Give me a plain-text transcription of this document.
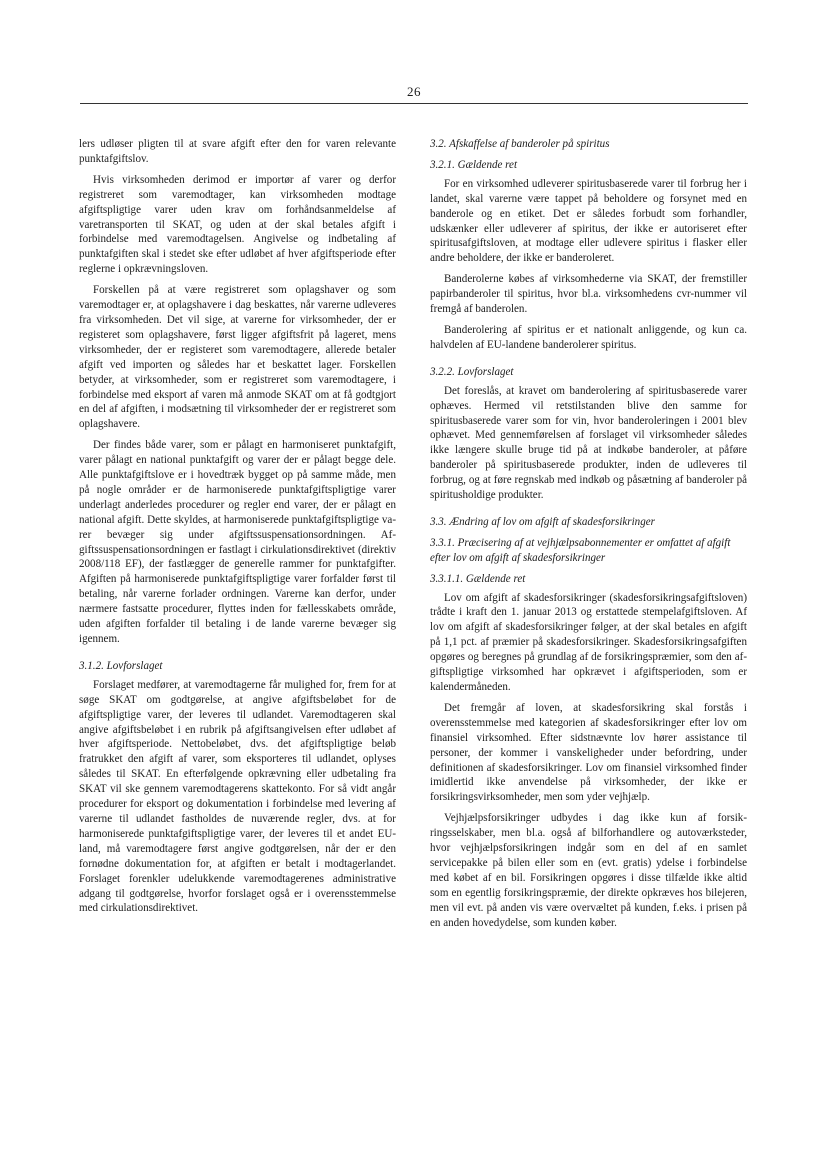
26

lers udløser pligten til at svare afgift efter den for varen relevante punktafgiftslov.

Hvis virksomheden derimod er importør af varer og derfor registreret som varemodtager, kan virksomheden modtage afgiftspligtige varer uden krav om forhåndsanmeldelse af varetransporten til SKAT, og uden at der skal betales afgift i forbindelse med varemodtagelsen. Angivelse og indbetaling af punktafgiften skal i stedet ske efter udløbet af hver afgiftsperiode efter reglerne i opkrævningsloven.

Forskellen på at være registreret som oplagshaver og som varemodtager er, at oplagshavere i dag beskattes, når varerne udleveres fra virksomheden. Det vil sige, at varerne for virksomheder, der er registeret som oplagshavere, først ligger afgiftsfrit på lageret, mens virksomheder, der er registeret som varemodtagere, allerede betaler afgift ved importen og således har et beskattet lager. Forskellen betyder, at virksomheder, som er registreret som varemodtagere, i forbindelse med eksport af varen må anmode SKAT om at få godtgjort en del af afgiften, i modsætning til virksomheder der er registreret som oplagshavere.

Der findes både varer, som er pålagt en harmoniseret punktafgift, varer pålagt en national punktafgift og varer der er pålagt begge dele. Alle punktafgiftslove er i hovedtræk bygget op på samme måde, men på nogle områder er de harmoniserede punktafgiftspligtige varer underlagt anderledes procedurer og regler end varer, der er pålagt en national afgift. Dette skyldes, at harmoniserede punktafgiftspligtige varer bevæger sig under afgiftssuspensationsordningen. Afgiftssuspensationsordningen er fastlagt i cirkulationsdirektivet (direktiv 2008/118 EF), der fastlægger de generelle rammer for punktafgifter. Afgiften på harmoniserede punktafgiftspligtige varer forfalder først til betaling, når varerne forlader ordningen. Varerne kan derfor, under nærmere fastsatte procedurer, flyttes inden for fællesskabets område, uden afgiften forfalder til betaling i de lande varerne bevæger sig igennem.

3.1.2. Lovforslaget

Forslaget medfører, at varemodtagerne får mulighed for, frem for at søge SKAT om godtgørelse, at angive afgiftsbeløbet for de afgiftspligtige varer, der leveres til udlandet. Varemodtageren skal angive afgiftsbeløbet i en rubrik på afgiftsangivelsen efter udløbet af hver afgiftsperiode. Nettobeløbet, dvs. det afgiftspligtige beløb fratrukket den afgift af varer, som eksporteres til udlandet, oplyses således til SKAT. En efterfølgende opkrævning eller udbetaling fra SKAT vil ske gennem varemodtagerens skattekonto. For så vidt angår procedurer for eksport og dokumentation i forbindelse med levering af varerne til udlandet fastholdes de nuværende regler, dvs. at for harmoniserede punktafgiftspligtige varer, der leveres til et andet EU-land, må varemodtagere først angive godtgørelsen, når der er den fornødne dokumentation for, at afgiften er betalt i modtagerlandet. Forslaget forenkler udelukkende varemodtagerenes administrative adgang til godtgørelse, hvorfor forslaget også er i overensstemmelse med cirkulationsdirektivet.

3.2. Afskaffelse af banderoler på spiritus
3.2.1. Gældende ret

For en virksomhed udleverer spiritusbaserede varer til forbrug her i landet, skal varerne være tappet på beholdere og forsynet med en banderole og en etiket. Det er således forbudt som forhandler, udskænker eller udleverer af spiritus, der ikke er autoriseret efter spiritusafgiftsloven, at modtage eller udlevere spiritus i flasker eller andre beholdere, der ikke er banderoleret.

Banderolerne købes af virksomhederne via SKAT, der fremstiller papirbanderoler til spiritus, hvor bl.a. virksomhedens cvr-nummer vil fremgå af banderolen.

Banderolering af spiritus er et nationalt anliggende, og kun ca. halvdelen af EU-landene banderolerer spiritus.

3.2.2. Lovforslaget

Det foreslås, at kravet om banderolering af spiritusbaserede varer ophæves. Hermed vil retstilstanden blive den samme for spiritusbaserede varer som for vin, hvor banderoleringen i 2001 blev ophævet. Med gennemførelsen af forslaget vil virksomheder således ikke længere skulle bruge tid på at indkøbe banderoler, at påføre banderoler på spiritusbaserede produkter, inden de udleveres til forbrug, og at føre regnskab med indkøb og påsætning af banderoler på spiritusholdige produkter.

3.3. Ændring af lov om afgift af skadesforsikringer
3.3.1. Præcisering af at vejhjælpsabonnementer er omfattet af afgift efter lov om afgift af skadesforsikringer
3.3.1.1. Gældende ret

Lov om afgift af skadesforsikringer (skadesforsikringsafgiftsloven) trådte i kraft den 1. januar 2013 og erstattede stempelafgiftsloven. Af lov om afgift af skadesforsikringer følger, at der skal betales en afgift på 1,1 pct. af præmier på skadesforsikringer. Skadesforsikringsafgiften opgøres og beregnes på grundlag af de forsikringspræmier, som den afgiftspligtige virksomhed har opkrævet i afgiftsperioden, som er kalendermåneden.

Det fremgår af loven, at skadesforsikring skal forstås i overensstemmelse med kategorien af skadesforsikringer efter lov om finansiel virksomhed. Efter sidstnævnte lov hører assistance til personer, der kommer i vanskeligheder under befordring, under definitionen af skadesforsikringer. Lov om finansiel virksomhed finder imidlertid ikke anvendelse på virksomheder, der ikke er forsikringsvirksomheder, men som yder vejhjælp.

Vejhjælpsforsikringer udbydes i dag ikke kun af forsikringsselskaber, men bl.a. også af bilforhandlere og autoværksteder, hvor vejhjælpsforsikringen indgår som en del af en samlet servicepakke på bilen eller som en (evt. gratis) ydelse i forbindelse med købet af en bil. Forsikringen opgøres i disse tilfælde ikke altid som en egentlig forsikringspræmie, der direkte opkræves hos bilejeren, men vil evt. på anden vis være overvæltet på kunden, f.eks. i prisen på en anden hovedydelse, som kunden køber.
